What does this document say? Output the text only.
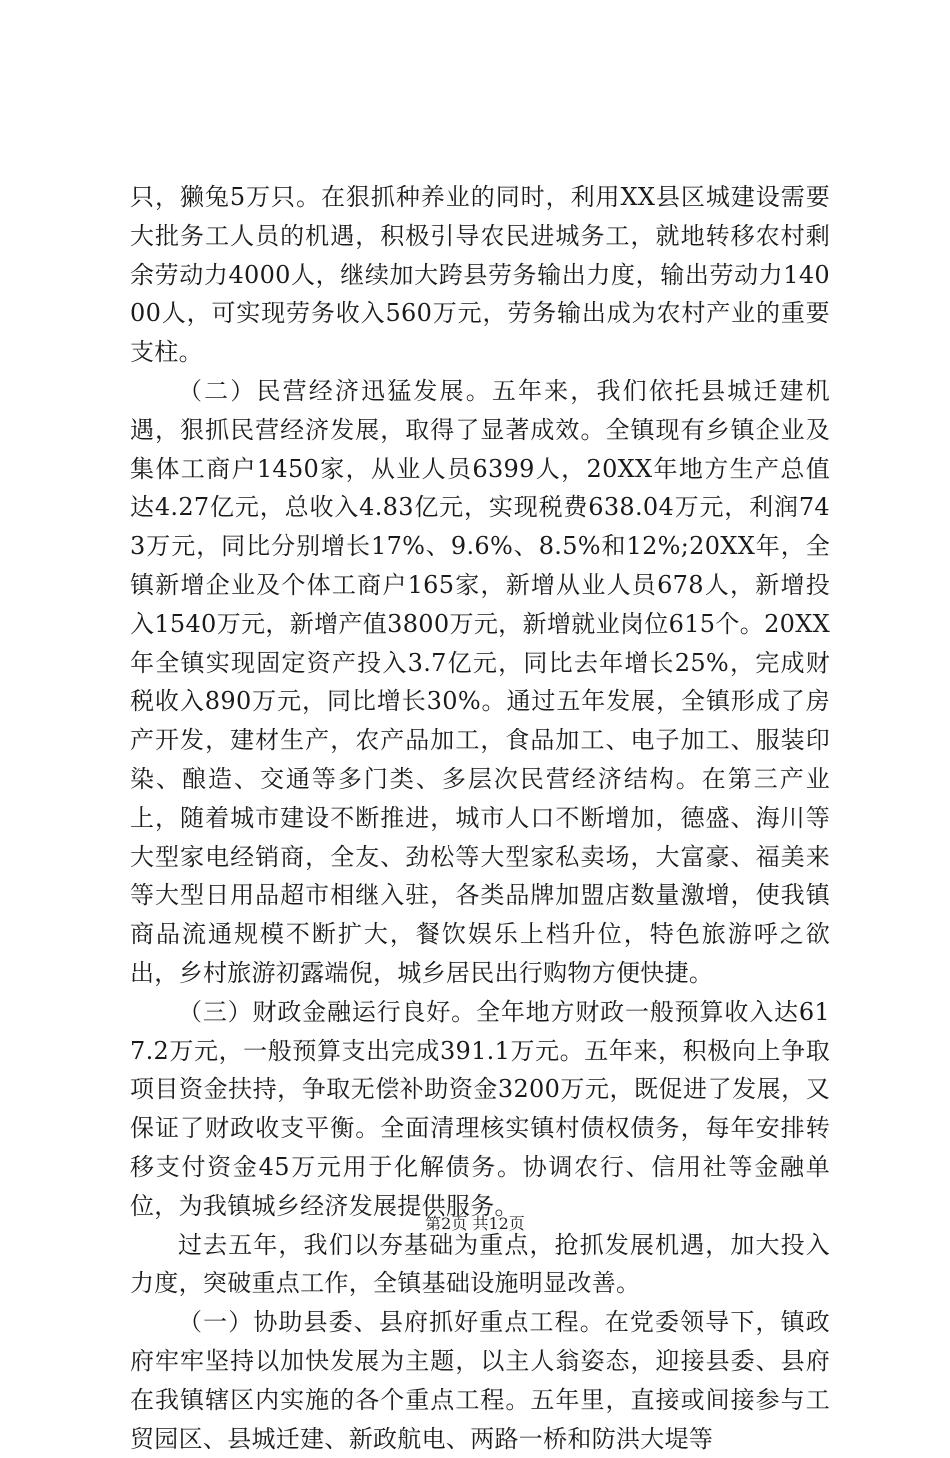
只，獭兔5万只。在狠抓种养业的同时，利用XX县区城建设需要大批务工人员的机遇，积极引导农民进城务工，就地转移农村剩余劳动力4000人，继续加大跨县劳务输出力度，输出劳动力14000人，可实现劳务收入560万元，劳务输出成为农村产业的重要支柱。

（二）民营经济迅猛发展。五年来，我们依托县城迁建机遇，狠抓民营经济发展，取得了显著成效。全镇现有乡镇企业及集体工商户1450家，从业人员6399人，20XX年地方生产总值达4.27亿元，总收入4.83亿元，实现税费638.04万元，利润743万元，同比分别增长17%、9.6%、8.5%和12%;20XX年，全镇新增企业及个体工商户165家，新增从业人员678人，新增投入1540万元，新增产值3800万元，新增就业岗位615个。20XX年全镇实现固定资产投入3.7亿元，同比去年增长25%，完成财税收入890万元，同比增长30%。通过五年发展，全镇形成了房产开发，建材生产，农产品加工，食品加工、电子加工、服装印染、酿造、交通等多门类、多层次民营经济结构。在第三产业上，随着城市建设不断推进，城市人口不断增加，德盛、海川等大型家电经销商，全友、劲松等大型家私卖场，大富豪、福美来等大型日用品超市相继入驻，各类品牌加盟店数量激增，使我镇商品流通规模不断扩大，餐饮娱乐上档升位，特色旅游呼之欲出，乡村旅游初露端倪，城乡居民出行购物方便快捷。

（三）财政金融运行良好。全年地方财政一般预算收入达617.2万元，一般预算支出完成391.1万元。五年来，积极向上争取项目资金扶持，争取无偿补助资金3200万元，既促进了发展，又保证了财政收支平衡。全面清理核实镇村债权债务，每年安排转移支付资金45万元用于化解债务。协调农行、信用社等金融单位，为我镇城乡经济发展提供服务。

过去五年，我们以夯基础为重点，抢抓发展机遇，加大投入力度，突破重点工作，全镇基础设施明显改善。

（一）协助县委、县府抓好重点工程。在党委领导下，镇政府牢牢坚持以加快发展为主题，以主人翁姿态，迎接县委、县府在我镇辖区内实施的各个重点工程。五年里，直接或间接参与工贸园区、县城迁建、新政航电、两路一桥和防洪大堤等

第2页 共12页
